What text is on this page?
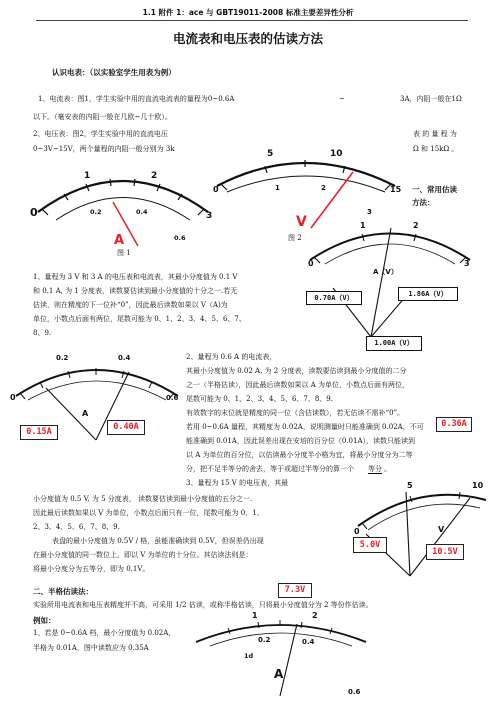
1.1 附件 1：ace 与 GBT19011-2008 标准主要差异性分析
电流表和电压表的估读方法
认识电表：（以实验室学生用表为例）
1、电流表：图1，学生实验中用的直流电流表的量程为0~0.6A	~	3A，内阻一般在1Ω
以下。（毫安表的内阻一般在几欧~几十欧）。
2、电压表：图2，学生实验中用的直流电压	表 的 量 程 为
0~3V~15V，两个量程的内阻一般分别为 3k	Ω 和 15kΩ 。
0	3
1	2
0.2	0.4
0.6
A
图 1
5	10
15
0	1	2
3
V
图 2
一、常用估读
方法：
0
1	2
3
A（V）
0.70A（V）	1.86A（V）
1.00A（V）
1、量程为 3 V 和 3 A 的电压表和电流表，其最小分度值为 0.1 V
和 0.1 A, 为 1 分度表，读数要估读到最小分度值的十分之一.若无
估读，则在精度的下一位补“0”，因此最后读数如果以 V（A)为
单位，小数点后面有两位，尾数可能为 0、1、2、3、4、5、6、7、
8、9.
0
0.2	0.4
0.6
A
0.15A	0.40A
2、量程为 0.6 A 的电流表，
其最小分度值为 0.02 A, 为 2 分度表，读数要估读到最小分度值的二分
之一（半格估读），因此最后读数如果以 A 为单位，小数点后面有两位，
尾数可能为 0、1、2、3、4、5、6、7、8、9.
有效数字的末位就是精度的同一位（含估读数），若无估读不需补“0”。
若用 0~0.6A 量程，其精度为 0.02A，说明测量时只能准确到 0.02A，不可
能准确到 0.01A，因此误差出现在安培的百分位（0.01A），读数只能读到
以 A 为单位的百分位，以估读最小分度半小格为宜，将最小分度分为二等
分，把不足半等分的舍去，等于或超过半等分的算一个 等分 。
0.36A
3、量程为 15 V 的电压表，其最
小分度值为 0.5 V, 为 5 分度表， 读数要估读到最小分度值的五分之一.
因此最后读数如果以 V 为单位，小数点后面只有一位，尾数可能为 0、1、
2、3、4、5、6、7、8、9.
表盘的最小分度值为 0.5V / 格，虽能准确读到 0.5V，但误差仍出现
在最小分度值的同一数位上，即以 V 为单位的十分位。其估读法则是：
将最小分度分为五等分，即为 0.1V。
0
5	10
V
5.0V
10.5V
7.3V
二、半格估读法：
实验所用电流表和电压表精度并不高，可采用 1/2 估读，或称半格估读，只将最小分度值分为 2 等份作估读。
例如：
1、若是 0~0.6A 档，最小分度值为 0.02A，
半格为 0.01A，图中读数应为 0.35A
1	2
0.2	0.4
0.6
1d
A
